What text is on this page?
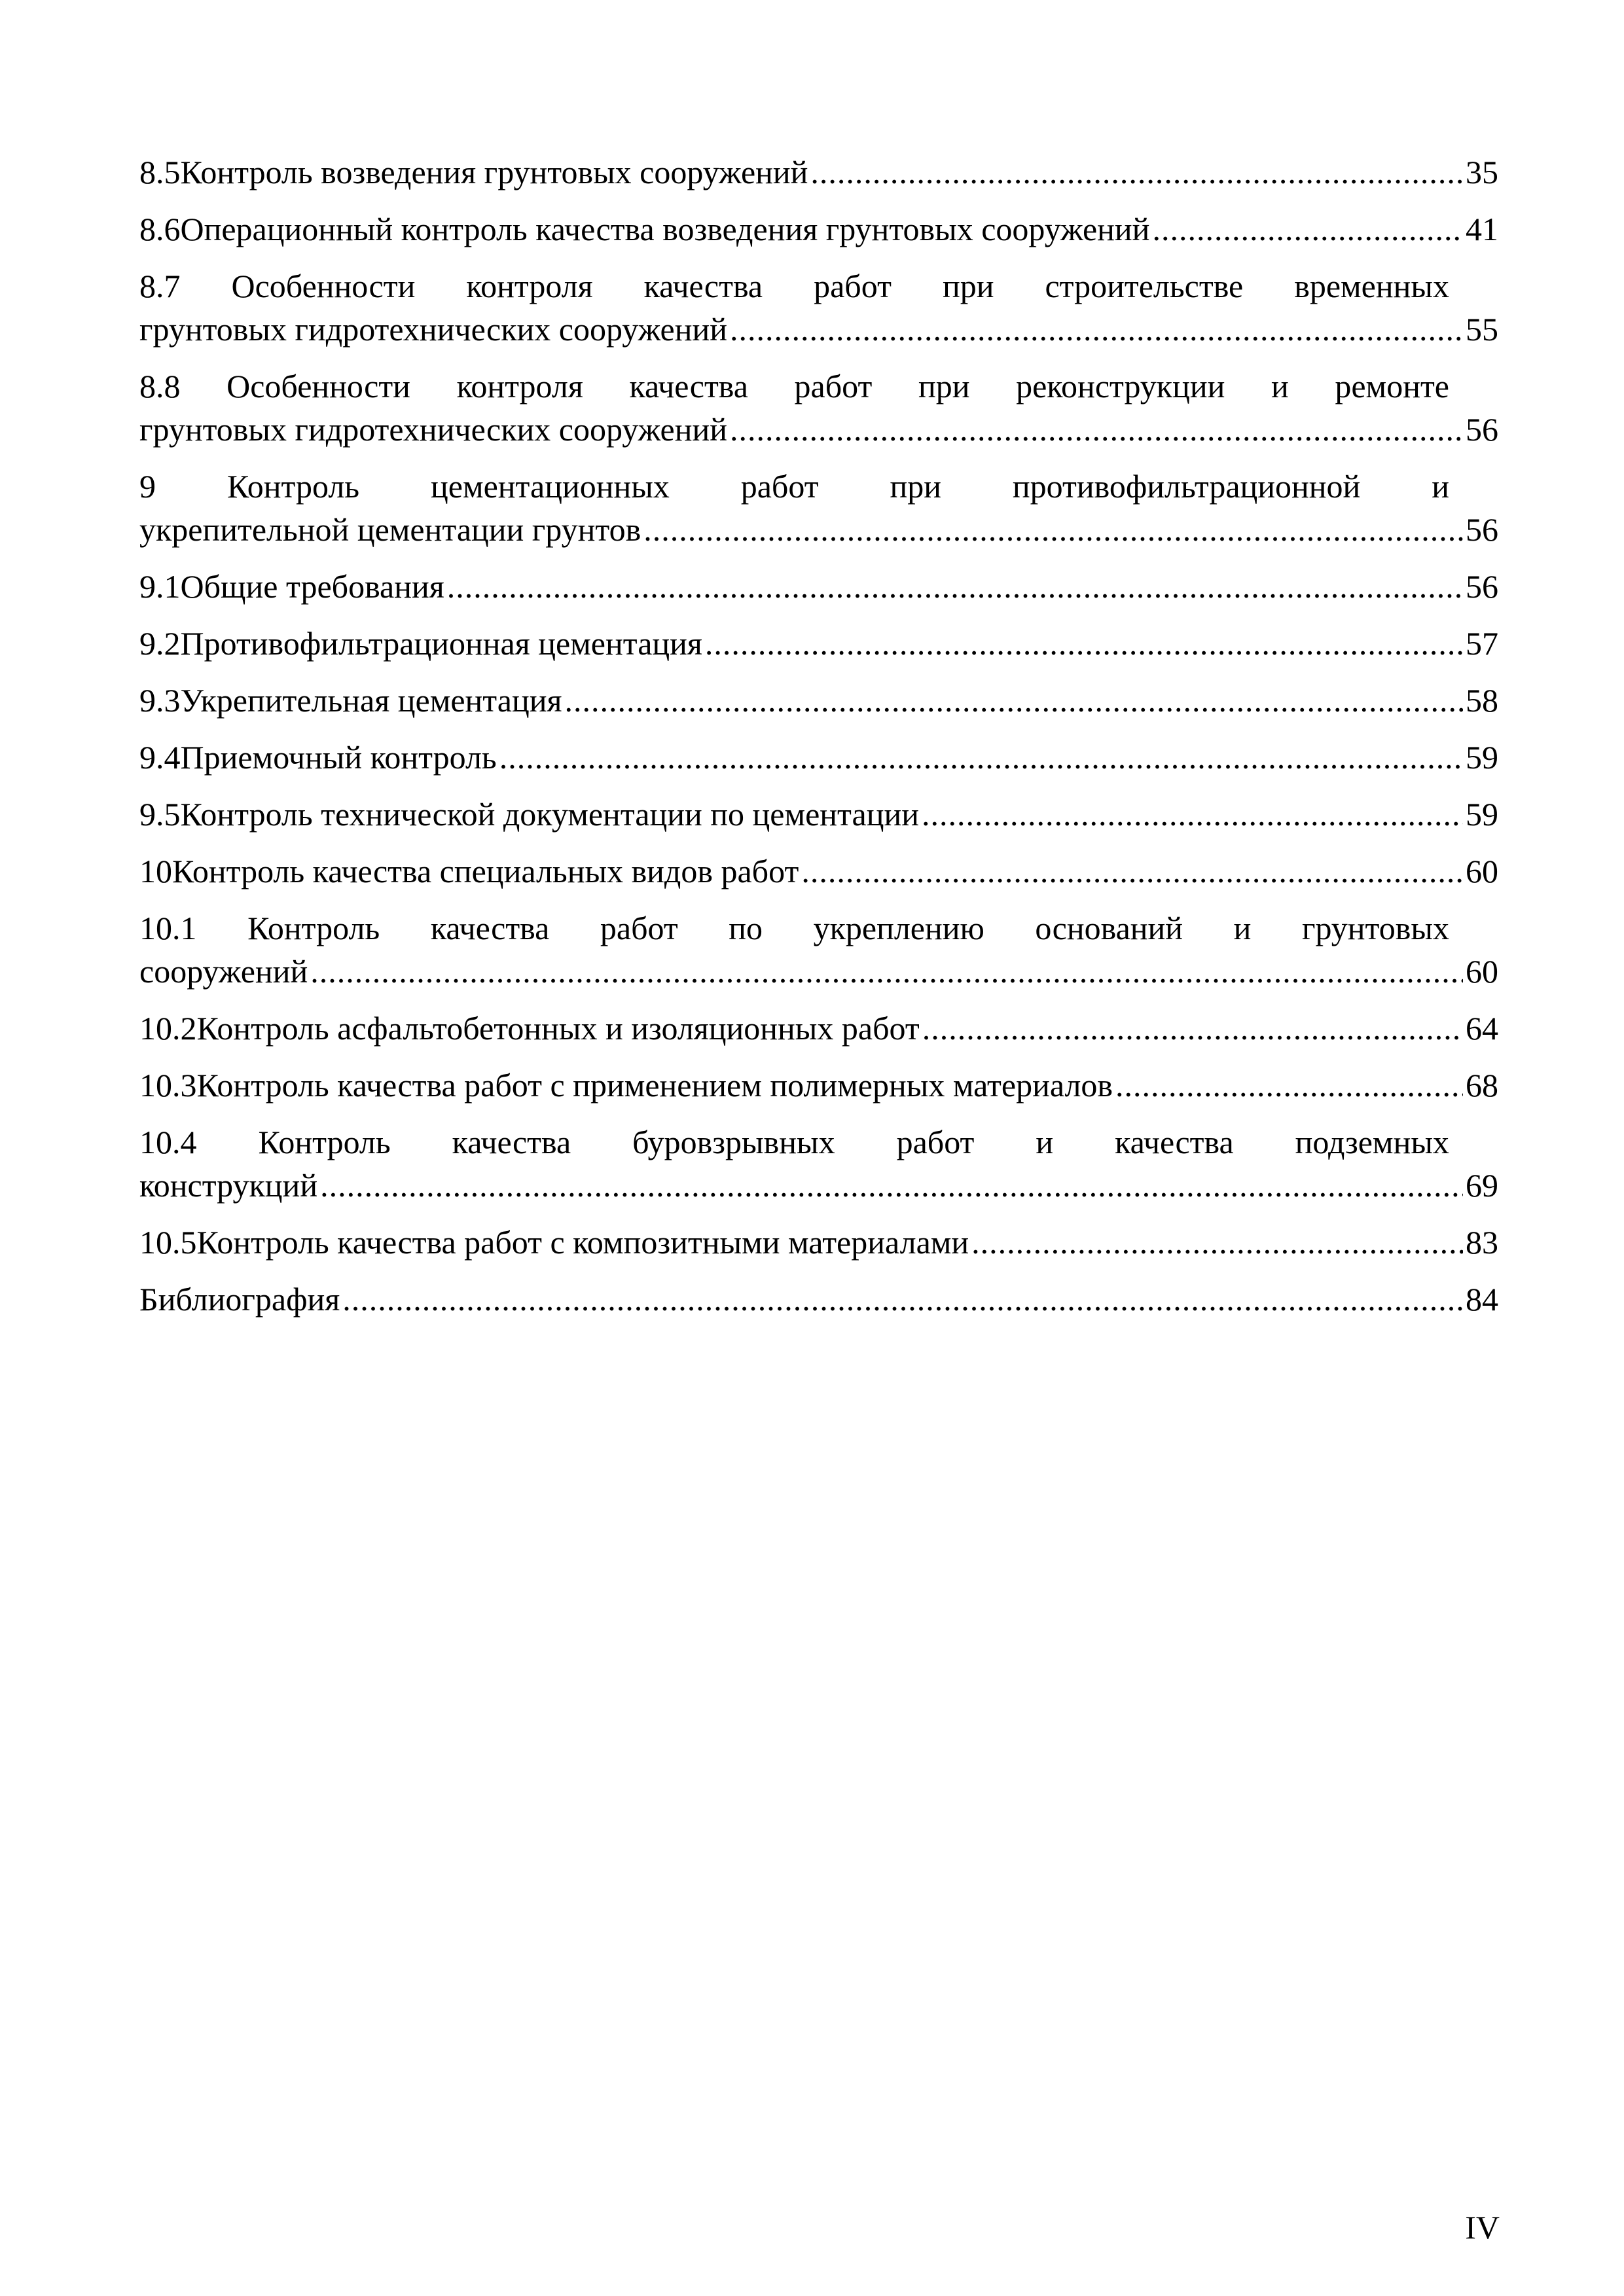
8.5 Контроль возведения грунтовых сооружений .....	35
8.6 Операционный контроль качества возведения грунтовых сооружений .....	41
8.7 Особенности контроля качества работ при строительстве временных
грунтовых гидротехнических сооружений .....	55
8.8 Особенности контроля качества работ при реконструкции и ремонте
грунтовых гидротехнических сооружений .....	56
9 Контроль цементационных работ при противофильтрационной и
укрепительной цементации грунтов .....	56
9.1 Общие требования .....	56
9.2 Противофильтрационная цементация .....	57
9.3 Укрепительная цементация .....	58
9.4 Приемочный контроль .....	59
9.5 Контроль технической документации по цементации .....	59
10 Контроль качества специальных видов работ .....	60
10.1 Контроль качества работ по укреплению оснований и грунтовых
сооружений .....	60
10.2 Контроль асфальтобетонных и изоляционных работ .....	64
10.3 Контроль качества работ с применением полимерных материалов .....	68
10.4 Контроль качества буровзрывных работ и качества подземных
конструкций .....	69
10.5 Контроль качества работ с композитными материалами .....	83
Библиография .....	84
IV
